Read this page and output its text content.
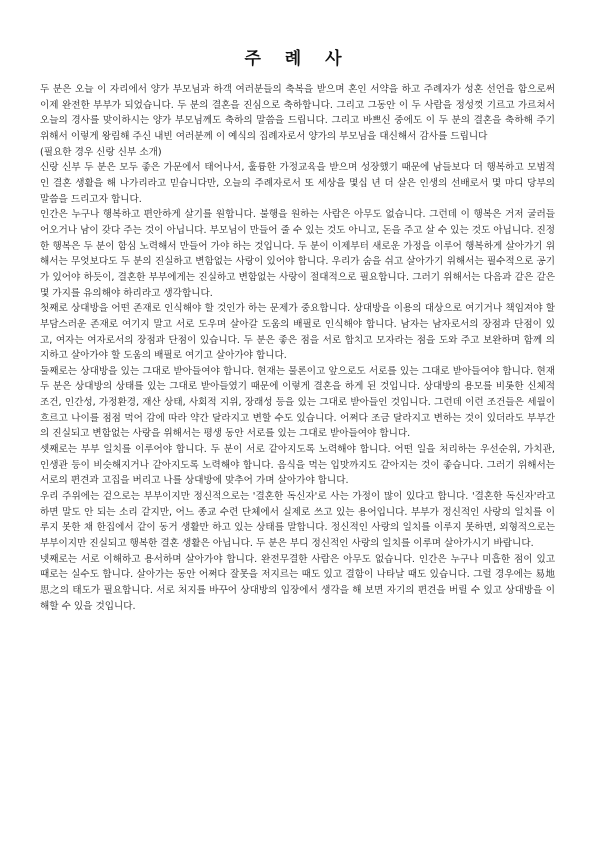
주 례 사

두 분은 오늘 이 자리에서 양가 부모님과 하객 여러분들의 축복을 받으며 혼인 서약을 하고 주례자가 성혼 선언을 함으로써 이제 완전한 부부가 되었습니다. 두 분의 결혼을 진심으로 축하합니다. 그리고 그동안 이 두 사람을 정성껏 기르고 가르쳐서 오늘의 경사를 맞이하시는 양가 부모님께도 축하의 말씀을 드립니다. 그리고 바쁘신 중에도 이 두 분의 결혼을 축하해 주기 위해서 이렇게 왕림해 주신 내빈 여러분께 이 예식의 집례자로서 양가의 부모님을 대신해서 감사를 드립니다

(필요한 경우 신랑 신부 소개)

신랑 신부 두 분은 모두 좋은 가문에서 태어나서, 훌륭한 가정교육을 받으며 성장했기 때문에 남들보다 더 행복하고 모범적인 결혼 생활을 해 나가리라고 믿습니다만, 오늘의 주례자로서 또 세상을 몇십 년 더 살은 인생의 선배로서 몇 마디 당부의 말씀을 드리고자 합니다.

인간은 누구나 행복하고 편안하게 살기를 원합니다. 불행을 원하는 사람은 아무도 없습니다. 그런데 이 행복은 거저 굴러들어오거나 남이 갖다 주는 것이 아닙니다. 부모님이 만들어 줄 수 있는 것도 아니고, 돈을 주고 살 수 있는 것도 아닙니다. 진정한 행복은 두 분이 함심 노력해서 만들어 가야 하는 것입니다. 두 분이 이제부터 새로운 가정을 이루어 행복하게 살아가기 위해서는 무엇보다도 두 분의 진실하고 변함없는 사랑이 있어야 합니다. 우리가 숨을 쉬고 살아가기 위해서는 필수적으로 공기가 있어야 하듯이, 결혼한 부부에게는 진실하고 변함없는 사랑이 절대적으로 필요합니다. 그러기 위해서는 다음과 같은 같은 몇 가지를 유의해야 하리라고 생각합니다.

첫째로 상대방을 어떤 존재로 인식해야 할 것인가 하는 문제가 중요합니다. 상대방을 이용의 대상으로 여기거나 책임져야 할 부담스러운 존재로 여기지 말고 서로 도우며 살아갈 도움의 배필로 인식해야 합니다. 남자는 남자로서의 장점과 단점이 있고, 여자는 여자로서의 장점과 단점이 있습니다. 두 분은 좋은 점을 서로 합치고 모자라는 점을 도와 주고 보완하며 함께 의지하고 살아가야 할 도움의 배필로 여기고 살아가야 합니다.

둘째로는 상대방을 있는 그대로 받아들여야 합니다. 현재는 물론이고 앞으로도 서로를 있는 그대로 받아들여야 합니다. 현재 두 분은 상대방의 상태를 있는 그대로 받아들였기 때문에 이렇게 결혼을 하게 된 것입니다. 상대방의 용모를 비롯한 신체적 조건, 인간성, 가정환경, 재산 상태, 사회적 지위, 장래성 등을 있는 그대로 받아들인 것입니다. 그런데 이런 조건들은 세월이 흐르고 나이를 점점 먹어 감에 따라 약간 달라지고 변할 수도 있습니다. 어쩌다 조금 달라지고 변하는 것이 있더라도 부부간의 진실되고 변함없는 사랑을 위해서는 평생 동안 서로를 있는 그대로 받아들여야 합니다.

셋째로는 부부 일치를 이루어야 합니다. 두 분이 서로 같아지도록 노력해야 합니다. 어떤 일을 처리하는 우선순위, 가치관, 인생관 등이 비슷해지거나 같아지도록 노력해야 합니다. 음식을 먹는 입맛까지도 같아지는 것이 좋습니다. 그러기 위해서는 서로의 편견과 고집을 버리고 나를 상대방에 맞추어 가며 살아가야 합니다.

우리 주위에는 겉으로는 부부이지만 정신적으로는 '결혼한 독신자'로 사는 가정이 많이 있다고 합니다. '결혼한 독신자'라고 하면 말도 안 되는 소리 같지만, 어느 종교 수련 단체에서 실제로 쓰고 있는 용어입니다. 부부가 정신적인 사랑의 일치를 이루지 못한 채 한집에서 같이 동거 생활만 하고 있는 상태를 말합니다. 정신적인 사랑의 일치를 이루지 못하면, 외형적으로는 부부이지만 진실되고 행복한 결혼 생활은 아닙니다. 두 분은 부디 정신적인 사랑의 일치를 이루며 살아가시기 바랍니다.

넷째로는 서로 이해하고 용서하며 살아가야 합니다. 완전무결한 사람은 아무도 없습니다. 인간은 누구나 미흡한 점이 있고 때로는 실수도 합니다. 살아가는 동안 어쩌다 잘못을 저지르는 때도 있고 결함이 나타날 때도 있습니다. 그럴 경우에는 易地思之의 태도가 필요합니다. 서로 처지를 바꾸어 상대방의 입장에서 생각을 해 보면 자기의 편견을 버릴 수 있고 상대방을 이해할 수 있을 것입니다.
